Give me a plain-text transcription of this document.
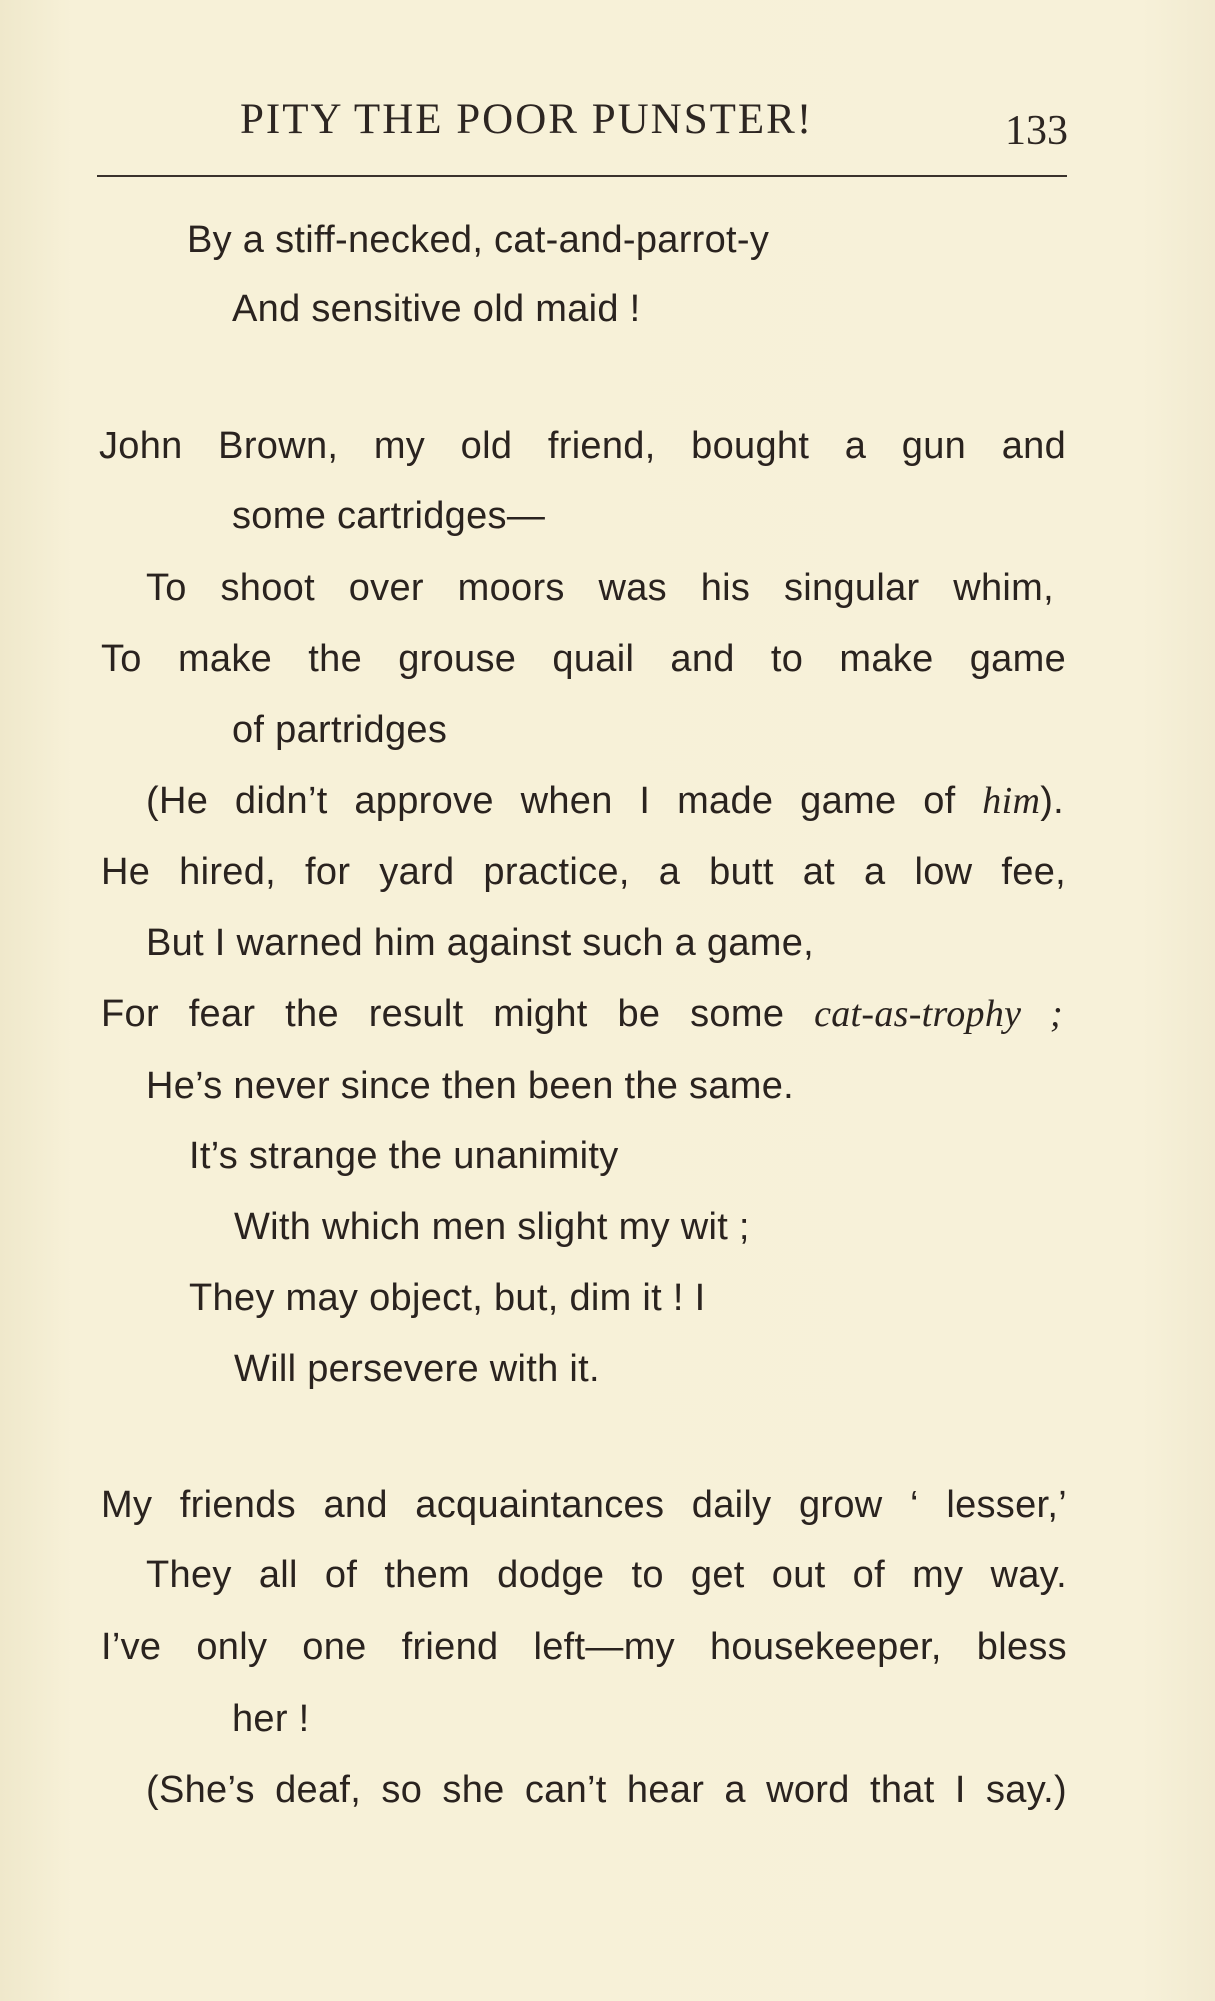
PITY THE POOR PUNSTER!	133
By a stiff-necked, cat-and-parrot-y
And sensitive old maid !
John Brown, my old friend, bought a gun and
some cartridges—
To shoot over moors was his singular whim,
To make the grouse quail and to make game
of partridges
(He didn’t approve when I made game of him).
He hired, for yard practice, a butt at a low fee,
But I warned him against such a game,
For fear the result might be some cat-as-trophy ;
He’s never since then been the same.
It’s strange the unanimity
With which men slight my wit ;
They may object, but, dim it ! I
Will persevere with it.
My friends and acquaintances daily grow ‘ lesser,’
They all of them dodge to get out of my way.
I’ve only one friend left—my housekeeper, bless
her !
(She’s deaf, so she can’t hear a word that I say.)
